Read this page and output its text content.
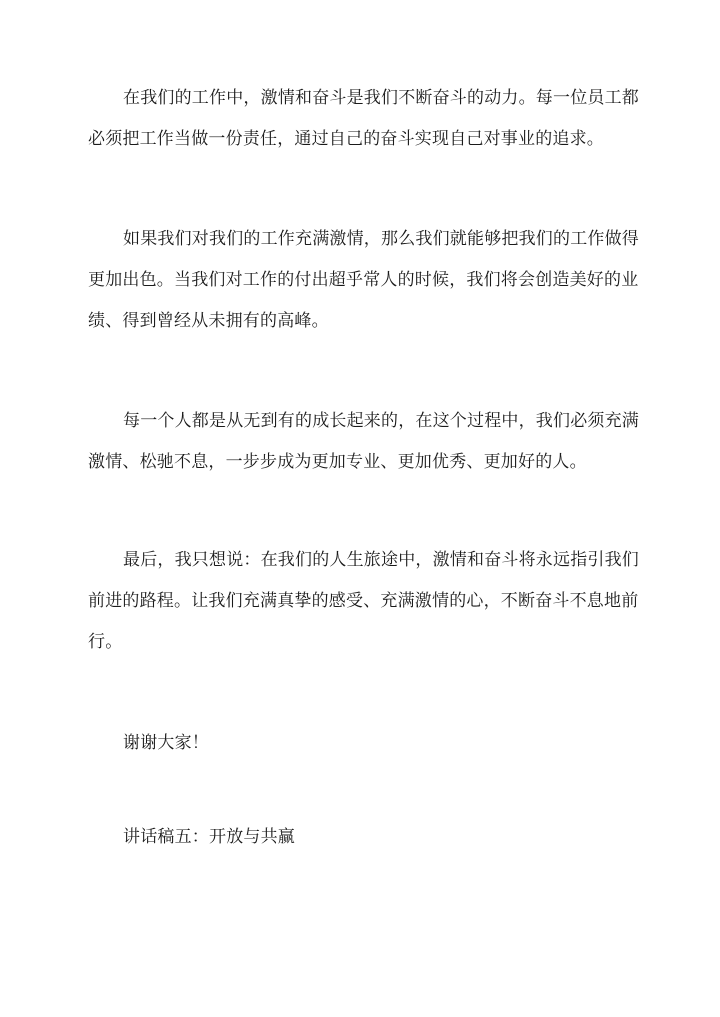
在我们的工作中，激情和奋斗是我们不断奋斗的动力。每一位员工都
必须把工作当做一份责任，通过自己的奋斗实现自己对事业的追求。
如果我们对我们的工作充满激情，那么我们就能够把我们的工作做得
更加出色。当我们对工作的付出超乎常人的时候，我们将会创造美好的业
绩、得到曾经从未拥有的高峰。
每一个人都是从无到有的成长起来的，在这个过程中，我们必须充满
激情、松驰不息，一步步成为更加专业、更加优秀、更加好的人。
最后，我只想说：在我们的人生旅途中，激情和奋斗将永远指引我们
前进的路程。让我们充满真挚的感受、充满激情的心，不断奋斗不息地前
行。
谢谢大家！
讲话稿五：开放与共赢
